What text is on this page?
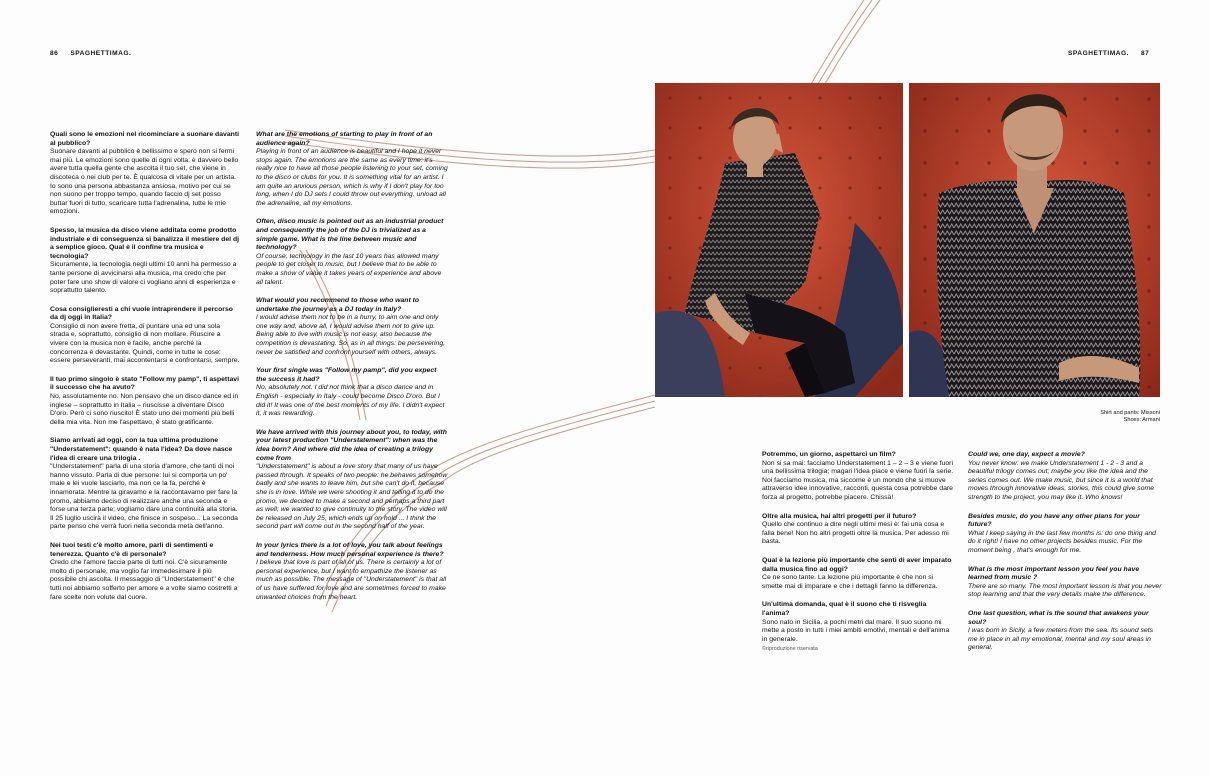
86 SPAGHETTIMAG.	SPAGHETTIMAG. 87

Quali sono le emozioni nel ricominciare a suonare davanti al pubblico?
Suonare davanti al pubblico è bellissimo e spero non si fermi mai più. Le emozioni sono quelle di ogni volta: è davvero bello avere tutta quella gente che ascolta il tuo set, che viene in discoteca o nei club per te. È qualcosa di vitale per un artista. Io sono una persona abbastanza ansiosa, motivo per cui se non suono per troppo tempo, quando faccio dj set posso buttar fuori di tutto, scaricare tutta l'adrenalina, tutte le mie emozioni.

Spesso, la musica da disco viene additata come prodotto industriale e di conseguenza si banalizza il mestiere del dj a semplice gioco. Qual è il confine tra musica e tecnologia?
Sicuramente, la tecnologia negli ultimi 10 anni ha permesso a tante persone di avvicinarsi alla musica, ma credo che per poter fare uno show di valore ci vogliano anni di esperienza e soprattutto talento.

Cosa consiglieresti a chi vuole intraprendere il percorso da dj oggi in Italia?
Consiglio di non avere fretta, di puntare una ed una sola strada e, soprattutto, consiglio di non mollare. Riuscire a vivere con la musica non è facile, anche perché la concorrenza è devastante. Quindi, come in tutte le cose: essere perseveranti, mai accontentarsi e confrontarsi, sempre.

Il tuo primo singolo è stato "Follow my pamp", ti aspettavi il successo che ha avuto?
No, assolutamente no. Non pensavo che un disco dance ed in inglese – soprattutto in Italia – riuscisse a diventare Disco D'oro. Però ci sono riuscito! È stato uno dei momenti più belli della mia vita. Non me l'aspettavo, è stato gratificante.

Siamo arrivati ad oggi, con la tua ultima produzione "Understatement": quando è nata l'idea? Da dove nasce l'idea di creare una trilogia .
"Understatement" parla di una storia d'amore, che tanti di noi hanno vissuto. Parla di due persone: lui si comporta un po' male e lei vuole lasciarlo, ma non ce la fa, perché è innamorata. Mentre la giravamo e la raccontavamo per fare la promo, abbiamo deciso di realizzare anche una seconda e forse una terza parte; vogliamo dare una continuità alla storia. Il 25 luglio uscirà il video, che finisce in sospeso... La seconda parte penso che verrà fuori nella seconda metà dell'anno.

Nei tuoi testi c'è molto amore, parli di sentimenti e tenerezza. Quanto c'è di personale?
Credo che l'amore faccia parte di tutti noi. C'è sicuramente molto di personale, ma voglio far immedesimare il più possibile chi ascolta. Il messaggio di "Understatement" è che tutti noi abbiamo sofferto per amore e a volte siamo costretti a fare scelte non volute dal cuore.

What are the emotions of starting to play in front of an audience again?
Playing in front of an audience is beautiful and I hope it never stops again. The emotions are the same as every time: it's really nice to have all those people listening to your set, coming to the disco or clubs for you. It is something vital for an artist. I am quite an anxious person, which is why if I don't play for too long, when I do DJ sets I could throw out everything, unload all the adrenaline, all my emotions.

Often, disco music is pointed out as an industrial product and consequently the job of the DJ is trivialized as a simple game. What is the line between music and technology?
Of course, technology in the last 10 years has allowed many people to get closer to music, but I believe that to be able to make a show of value it takes years of experience and above all talent.

What would you recommend to those who want to undertake the journey as a DJ today in Italy?
I would advise them not to be in a hurry, to aim one and only one way and, above all, I would advise them not to give up. Being able to live with music is not easy, also because the competition is devastating. So, as in all things: be persevering, never be satisfied and confront yourself with others, always.

Your first single was "Follow my pamp", did you expect the success it had?
No, absolutely not. I did not think that a disco dance and in English - especially in Italy - could become Disco D'oro. But I did it! It was one of the best moments of my life. I didn't expect it, it was rewarding.

We have arrived with this journey about you, to today, with your latest production "Understatement": when was the idea born? And where did the idea of creating a trilogy come from
"Understatement" is about a love story that many of us have passed through. It speaks of two people: he behaves somehow badly and she wants to leave him, but she can't do it, because she is in love. While we were shooting it and telling it to do the promo, we decided to make a second and perhaps a third part as well; we wanted to give continuity to the story. The video will be released on July 25, which ends up on hold ... I think the second part will come out in the second half of the year.

In your lyrics there is a lot of love, you talk about feelings and tenderness. How much personal experience is there?
I believe that love is part of all of us. There is certainly a lot of personal experience, but I want to empathize the listener as much as possible. The message of "Understatement" is that all of us have suffered for love and are sometimes forced to make unwanted choices from the heart.

Potremmo, un giorno, aspettarci un film?
Non si sa mai: facciamo Understatement 1 – 2 – 3 e viene fuori una bellissima trilogia; magari l'idea piace e viene fuori la serie. Noi facciamo musica, ma siccome è un mondo che si muove attraverso idee innovative, racconti, questa cosa potrebbe dare forza al progetto, potrebbe piacere. Chissà!

Oltre alla musica, hai altri progetti per il futuro?
Quello che continuo a dire negli ultimi mesi è: fai una cosa e falla bene! Non ho altri progetti oltre la musica. Per adesso mi basta.

Qual è la lezione più importante che senti di aver imparato dalla musica fino ad oggi?
Ce ne sono tante. La lezione più importante è che non si smette mai di imparare e che i dettagli fanno la differenza.

Un'ultima domanda, qual è il suono che ti risveglia l'anima?
Sono nato in Sicilia, a pochi metri dal mare. Il suo suono mi mette a posto in tutti i miei ambiti emotivi, mentali e dell'anima in generale.
©riproduzione riservata

Could we, one day, expect a movie?
You never know: we make Understatement 1 - 2 - 3 and a beautiful trilogy comes out; maybe you like the idea and the series comes out. We make music, but since it is a world that moves through innovative ideas, stories, this could give some strength to the project, you may like it. Who knows!

Besides music, do you have any other plans for your future?
What I keep saying in the last few months is: do one thing and do it right! I have no other projects besides music. For the moment being , that's enough for me.

What is the most important lesson you feel you have learned from music ?
There are so many. The most important lesson is that you never stop learning and that the very details make the difference.

One last question, what is the sound that awakens your soul?
I was born in Sicily, a few meters from the sea. Its sound sets me in place in all my emotional, mental and my soul areas in general.

Shirt and pants: Missoni
Shoes: Armani
